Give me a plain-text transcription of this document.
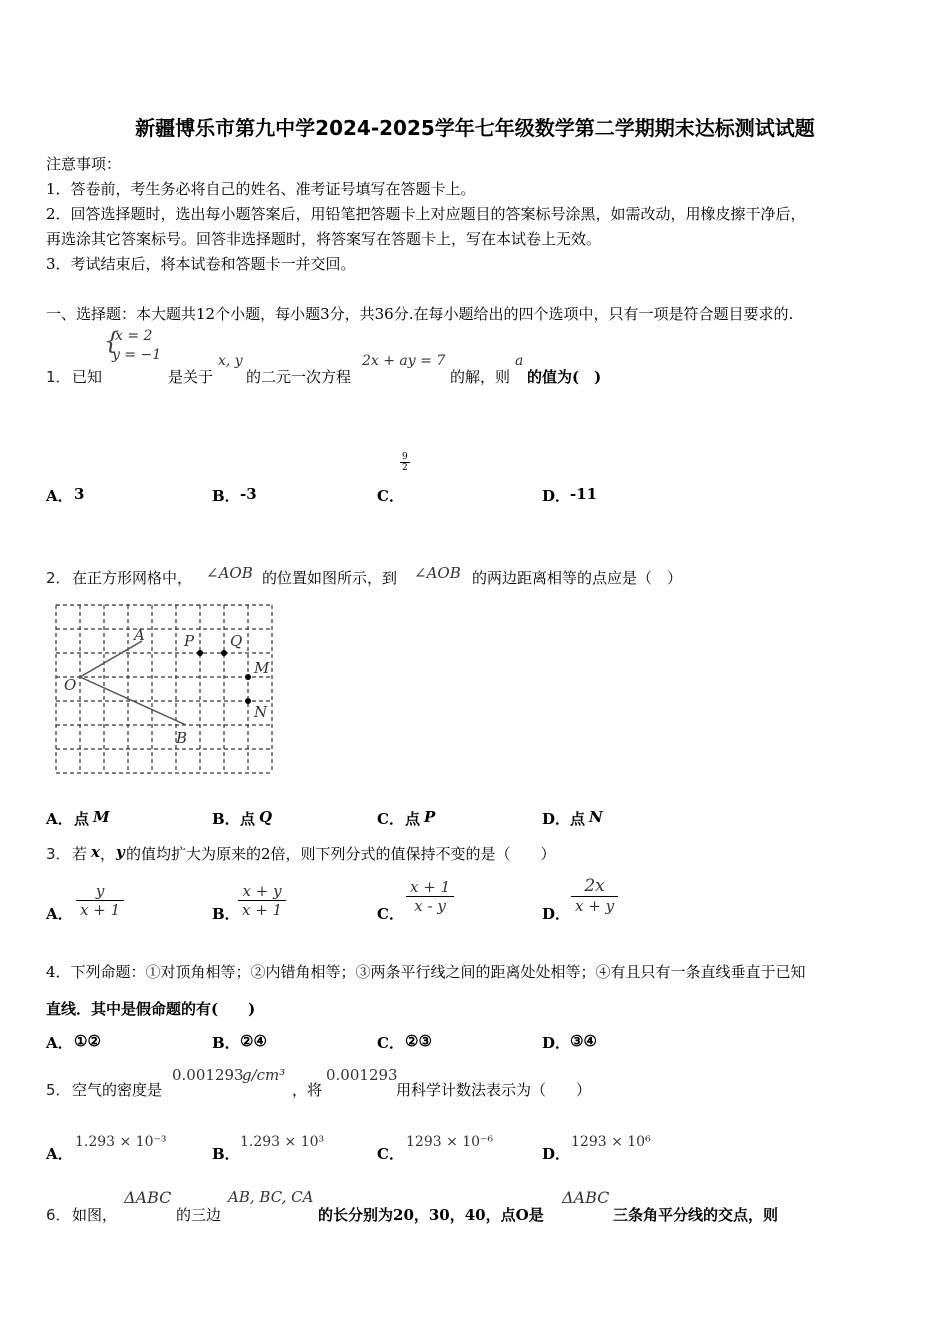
新疆博乐市第九中学2024-2025学年七年级数学第二学期期末达标测试试题
注意事项：
1．答卷前，考生务必将自己的姓名、准考证号填写在答题卡上。
2．回答选择题时，选出每小题答案后，用铅笔把答题卡上对应题目的答案标号涂黑，如需改动，用橡皮擦干净后，
再选涂其它答案标号。回答非选择题时，将答案写在答题卡上，写在本试卷上无效。
3．考试结束后，将本试卷和答题卡一并交回。
一、选择题：本大题共12个小题，每小题3分，共36分.在每小题给出的四个选项中，只有一项是符合题目要求的.
1． 已知
{
x = 2
y = −1
是关于
x, y
的二元一次方程
2x + ay = 7
的解，则
a
的值为(　)
A． 3	B． -3	C．
$\frac{9}{2}$
D． -11
2． 在正方形网格中， ∠AOB 的位置如图所示，到 ∠AOB 的两边距离相等的点应是（　）
O
A
B
P Q
M
N
A． 点 M	B． 点 Q	C． 点 P	D． 点 N
3． 若 x ， y 的值均扩大为原来的2倍，则下列分式的值保持不变的是（　　）
A． $\frac{y}{x + 1}$	B．
$\frac{x + y}{x + 1}$	C． $\frac{x + 1}{x - y}$	D． $\frac{2x}{x + y}$
4．下列命题：①对顶角相等；②内错角相等；③两条平行线之间的距离处处相等；④有且只有一条直线垂直于已知
直线．其中是假命题的有(　　)
A． ①②	B． ②④	C． ②③	D． ③④
5． 空气的密度是
0.001293
g/cm³
，将
0.001293
用科学计数法表示为（　　）
A．
1.293 × 10⁻³
B．
1.293 × 10³
C．
1293 × 10⁻⁶
D．
1293 × 10⁶
6． 如图，
ΔABC
的三边
AB, BC, CA
的长分别为20，30，40，点O是
ΔABC
三条角平分线的交点，则
